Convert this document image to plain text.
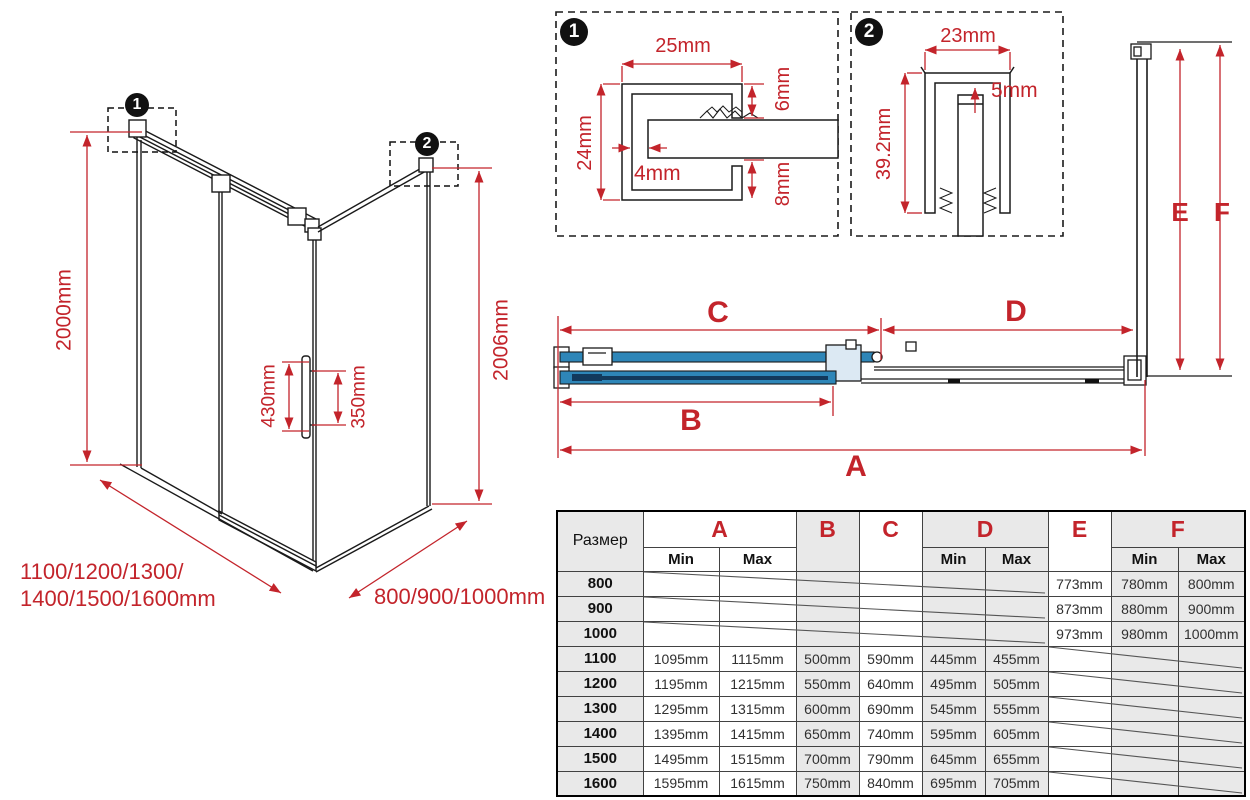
1	2
1
2
25mm
24mm
4mm
6mm
8mm
23mm
5mm
39.2mm
2000mm	2006mm
430mm	350mm
1100/1200/1300/
1400/1500/1600mm	800/900/1000mm
C	D
B
A
E F
Размер	A		B	C	D		E	F	
	Min	Max			Min	Max		Min	Max
800							773mm	780mm	800mm
900							873mm	880mm	900mm
1000							973mm	980mm	1000mm
1100	1095mm	1115mm	500mm	590mm	445mm	455mm			
1200	1195mm	1215mm	550mm	640mm	495mm	505mm			
1300	1295mm	1315mm	600mm	690mm	545mm	555mm			
1400	1395mm	1415mm	650mm	740mm	595mm	605mm			
1500	1495mm	1515mm	700mm	790mm	645mm	655mm			
1600	1595mm	1615mm	750mm	840mm	695mm	705mm			
